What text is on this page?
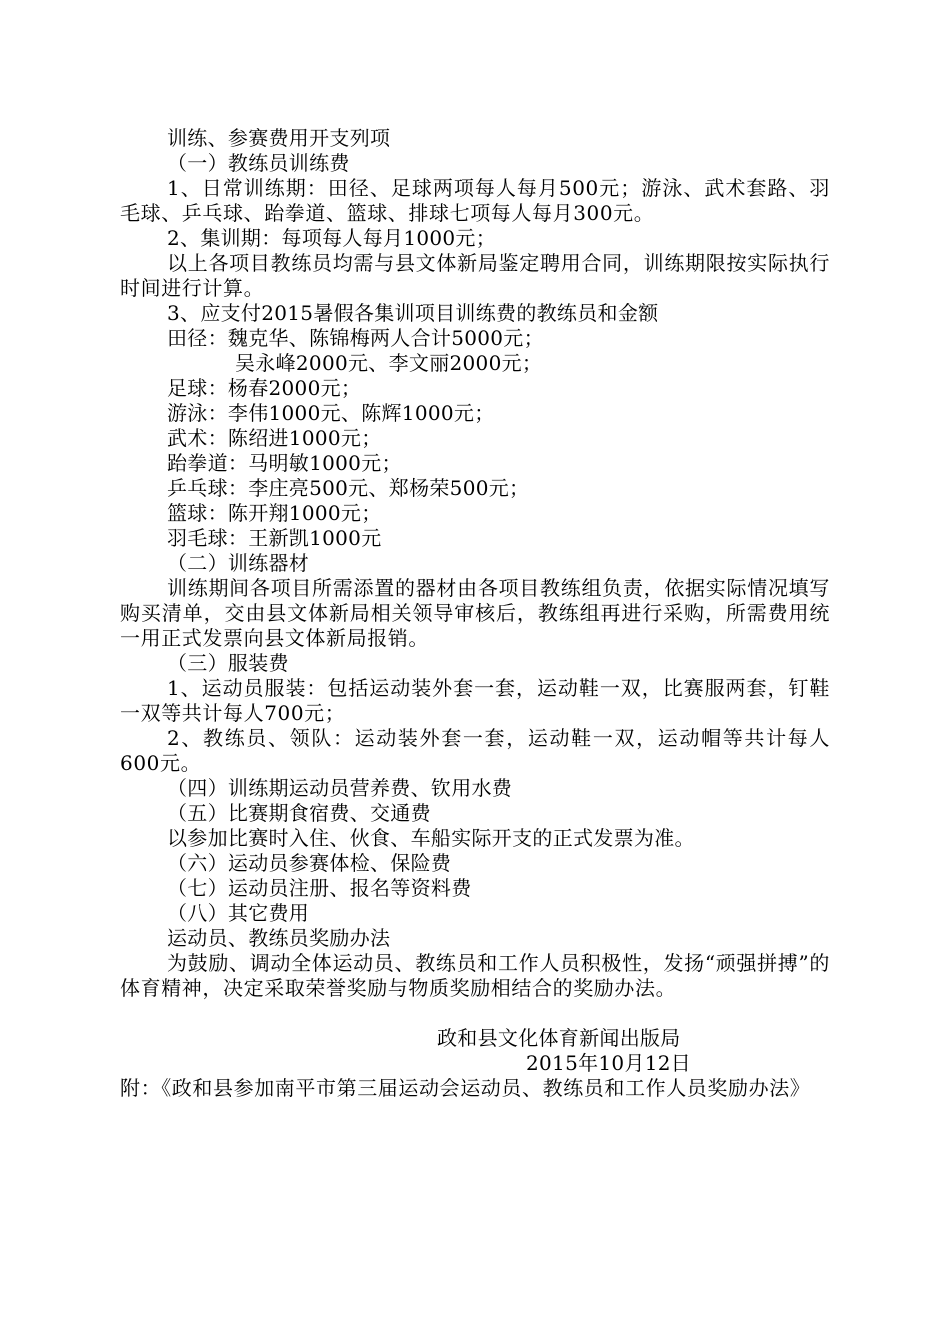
训练、参赛费用开支列项
（一）教练员训练费
1、日常训练期：田径、足球两项每人每月500元；游泳、武术套路、羽毛球、乒乓球、跆拳道、篮球、排球七项每人每月300元。
2、集训期：每项每人每月1000元；
以上各项目教练员均需与县文体新局鉴定聘用合同，训练期限按实际执行时间进行计算。
3、应支付2015暑假各集训项目训练费的教练员和金额
田径：魏克华、陈锦梅两人合计5000元；
吴永峰2000元、李文丽2000元；
足球：杨春2000元；
游泳：李伟1000元、陈辉1000元；
武术：陈绍进1000元；
跆拳道：马明敏1000元；
乒乓球：李庄亮500元、郑杨荣500元；
篮球：陈开翔1000元；
羽毛球：王新凯1000元
（二）训练器材
训练期间各项目所需添置的器材由各项目教练组负责，依据实际情况填写购买清单，交由县文体新局相关领导审核后，教练组再进行采购，所需费用统一用正式发票向县文体新局报销。
（三）服装费
1、运动员服装：包括运动装外套一套，运动鞋一双，比赛服两套，钉鞋一双等共计每人700元；
2、教练员、领队：运动装外套一套，运动鞋一双，运动帽等共计每人600元。
（四）训练期运动员营养费、钦用水费
（五）比赛期食宿费、交通费
以参加比赛时入住、伙食、车船实际开支的正式发票为准。
（六）运动员参赛体检、保险费
（七）运动员注册、报名等资料费
（八）其它费用
运动员、教练员奖励办法
为鼓励、调动全体运动员、教练员和工作人员积极性，发扬“顽强拼搏”的体育精神，决定采取荣誉奖励与物质奖励相结合的奖励办法。
政和县文化体育新闻出版局
2015年10月12日
附：《政和县参加南平市第三届运动会运动员、教练员和工作人员奖励办法》
